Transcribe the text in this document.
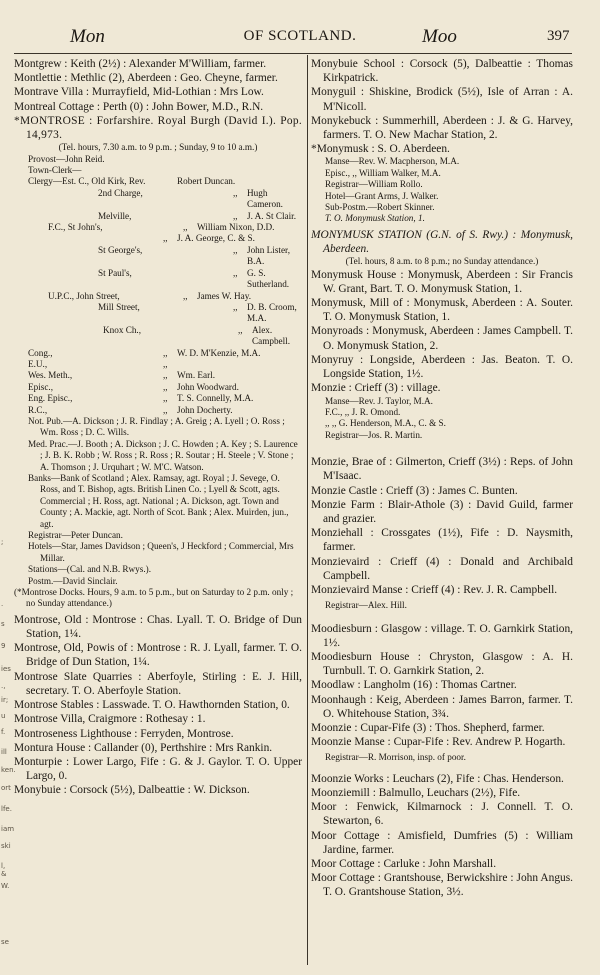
Mon	OF SCOTLAND.	Moo	397
;
.
s
9
ies
.,
ir;
u
f.
ill
ken.
ort
lfe.
iam
ski
l, &
W.
se

Montgrew : Keith (2½) : Alexander M'William, farmer.

Montlettie : Methlic (2), Aberdeen : Geo. Cheyne, farmer.

Montrave Villa : Murrayfield, Mid-Lothian : Mrs Low.

Montreal Cottage : Perth (0) : John Bower, M.D., R.N.

*MONTROSE : Forfarshire. Royal Burgh (David I.). Pop. 14,973.

(Tel. hours, 7.30 a.m. to 9 p.m. ; Sunday, 9 to 10 a.m.)

Provost—John Reid.

Town-Clerk—

Clergy—Est. C., Old Kirk, Rev.	Robert Duncan.
2nd Charge,	,,	Hugh Cameron.
Melville,	,,	J. A. St Clair.
F.C., St John's,	,,	William Nixon, D.D.
,,	J. A. George, C. & S.
St George's,	,,	John Lister, B.A.
St Paul's,	,,	G. S. Sutherland.
U.P.C., John Street,	,,	James W. Hay.
Mill Street,	,,	D. B. Croom, M.A.
Knox Ch.,	,,	Alex. Campbell.
Cong.,	,,	W. D. M'Kenzie, M.A.
E.U.,	,,
Wes. Meth.,	,,	Wm. Earl.
Episc.,	,,	John Woodward.
Eng. Episc.,	,,	T. S. Connelly, M.A.
R.C.,	,,	John Docherty.

Not. Pub.—A. Dickson ; J. R. Findlay ; A. Greig ; A. Lyell ; O. Ross ; Wm. Ross ; D. C. Wills.

Med. Prac.—J. Booth ; A. Dickson ; J. C. Howden ; A. Key ; S. Laurence ; J. B. K. Robb ; W. Ross ; R. Ross ; R. Soutar ; H. Steele ; V. Stone ; A. Thomson ; J. Urquhart ; W. M'C. Watson.

Banks—Bank of Scotland ; Alex. Ramsay, agt. Royal ; J. Sevege, O. Ross, and T. Bishop, agts. British Linen Co. ; Lyell & Scott, agts. Commercial ; H. Ross, agt. National ; A. Dickson, agt. Town and County ; A. Mackie, agt. North of Scot. Bank ; Alex. Muirden, jun., agt.

Registrar—Peter Duncan.

Hotels—Star, James Davidson ; Queen's, J Heckford ; Commercial, Mrs Millar.

Stations—(Cal. and N.B. Rwys.).

Postm.—David Sinclair.

(*Montrose Docks. Hours, 9 a.m. to 5 p.m., but on Saturday to 2 p.m. only ; no Sunday attendance.)

Montrose, Old : Montrose : Chas. Lyall. T. O. Bridge of Dun Station, 1¼.

Montrose, Old, Powis of : Montrose : R. J. Lyall, farmer. T. O. Bridge of Dun Station, 1¼.

Montrose Slate Quarries : Aberfoyle, Stirling : E. J. Hill, secretary. T. O. Aberfoyle Station.

Montrose Stables : Lasswade. T. O. Hawthornden Station, 0.

Montrose Villa, Craigmore : Rothesay : 1.

Montroseness Lighthouse : Ferryden, Montrose.

Montura House : Callander (0), Perthshire : Mrs Rankin.

Monturpie : Lower Largo, Fife : G. & J. Gaylor. T. O. Upper Largo, 0.

Monybuie : Corsock (5½), Dalbeattie : W. Dickson.

Monybuie School : Corsock (5), Dalbeattie : Thomas Kirkpatrick.

Monyguil : Shiskine, Brodick (5½), Isle of Arran : A. M'Nicoll.

Monykebuck : Summerhill, Aberdeen : J. & G. Harvey, farmers. T. O. New Machar Station, 2.

*Monymusk : S. O. Aberdeen.

Manse—Rev. W. Macpherson, M.A.

Episc., ,, William Walker, M.A.

Registrar—William Rollo.

Hotel—Grant Arms, J. Walker.

Sub-Postm.—Robert Skinner.

T. O. Monymusk Station, 1.

MONYMUSK STATION (G.N. of S. Rwy.) : Monymusk, Aberdeen.

(Tel. hours, 8 a.m. to 8 p.m.; no Sunday attendance.)

Monymusk House : Monymusk, Aberdeen : Sir Francis W. Grant, Bart. T. O. Monymusk Station, 1.

Monymusk, Mill of : Monymusk, Aberdeen : A. Souter. T. O. Monymusk Station, 1.

Monyroads : Monymusk, Aberdeen : James Campbell. T. O. Monymusk Station, 2.

Monyruy : Longside, Aberdeen : Jas. Beaton. T. O. Longside Station, 1½.

Monzie : Crieff (3) : village.

Manse—Rev. J. Taylor, M.A.

F.C., ,, J. R. Omond.

,, ,, G. Henderson, M.A., C. & S.

Registrar—Jos. R. Martin.

Monzie, Brae of : Gilmerton, Crieff (3½) : Reps. of John M'Isaac.

Monzie Castle : Crieff (3) : James C. Bunten.

Monzie Farm : Blair-Athole (3) : David Guild, farmer and grazier.

Monziehall : Crossgates (1½), Fife : D. Naysmith, farmer.

Monzievaird : Crieff (4) : Donald and Archibald Campbell.

Monzievaird Manse : Crieff (4) : Rev. J. R. Campbell.

Registrar—Alex. Hill.

Moodiesburn : Glasgow : village. T. O. Garnkirk Station, 1½.

Moodiesburn House : Chryston, Glasgow : A. H. Turnbull. T. O. Garnkirk Station, 2.

Moodlaw : Langholm (16) : Thomas Cartner.

Moonhaugh : Keig, Aberdeen : James Barron, farmer. T. O. Whitehouse Station, 3¾.

Moonzie : Cupar-Fife (3) : Thos. Shepherd, farmer.

Moonzie Manse : Cupar-Fife : Rev. Andrew P. Hogarth.

Registrar—R. Morrison, insp. of poor.

Moonzie Works : Leuchars (2), Fife : Chas. Henderson.

Moonziemill : Balmullo, Leuchars (2½), Fife.

Moor : Fenwick, Kilmarnock : J. Connell. T. O. Stewarton, 6.

Moor Cottage : Amisfield, Dumfries (5) : William Jardine, farmer.

Moor Cottage : Carluke : John Marshall.

Moor Cottage : Grantshouse, Berwickshire : John Angus. T. O. Grantshouse Station, 3½.
